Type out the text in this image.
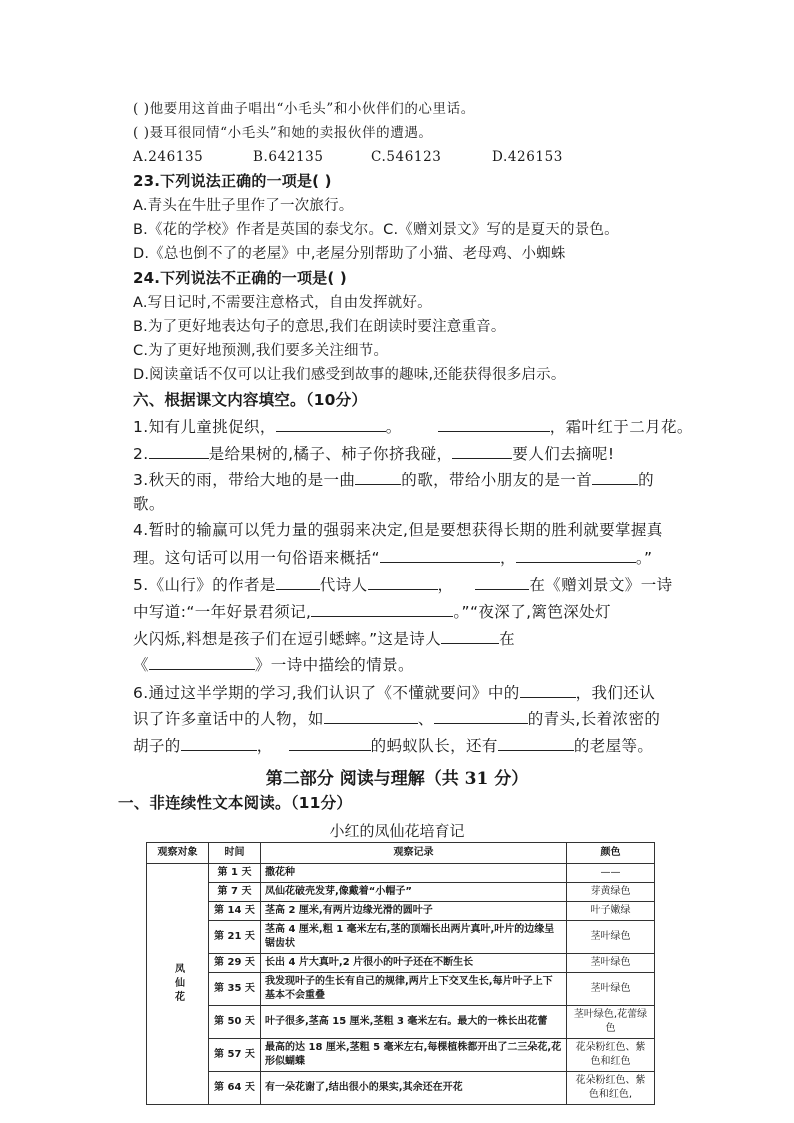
( )他要用这首曲子唱出“小毛头”和小伙伴们的心里话。
( )聂耳很同情“小毛头”和她的卖报伙伴的遭遇。
A.246135	B.642135	C.546123	D.426153
23.下列说法正确的一项是( )
A.青头在牛肚子里作了一次旅行。
B.《花的学校》作者是英国的泰戈尔。C.《赠刘景文》写的是夏天的景色。
D.《总也倒不了的老屋》中,老屋分别帮助了小猫、老母鸡、小蜘蛛
24.下列说法不正确的一项是( )
A.写日记时,不需要注意格式，自由发挥就好。
B.为了更好地表达句子的意思,我们在朗读时要注意重音。
C.为了更好地预测,我们要多关注细节。
D.阅读童话不仅可以让我们感受到故事的趣味,还能获得很多启示。
六、根据课文内容填空。（10分）
1.知有儿童挑促织，	。	，霜叶红于二月花。
2.	是给果树的,橘子、柿子你挤我碰，	要人们去摘呢!
3.秋天的雨，带给大地的是一曲	的歌，带给小朋友的是一首	的
歌。
4.暂时的输赢可以凭力量的强弱来决定,但是要想获得长期的胜利就要掌握真
理。这句话可以用一句俗语来概括“	，	。”
5.《山行》的作者是	代诗人	，	在《赠刘景文》一诗
中写道:“一年好景君须记,	。”“夜深了,篱笆深处灯
火闪烁,料想是孩子们在逗引蟋蟀。”这是诗人	在
《	》一诗中描绘的情景。
6.通过这半学期的学习,我们认识了《不懂就要问》中的	，我们还认
识了许多童话中的人物，如	、	的青头,长着浓密的
胡子的	，	的蚂蚁队长，还有	的老屋等。
第二部分 阅读与理解（共 31 分）
一、非连续性文本阅读。（11分）
小红的凤仙花培育记
观察对象	时间	观察记录	颜色
凤仙花	第 1 天	撒花种	——
	第 7 天	凤仙花破壳发芽,像戴着“小帽子”	芽黄绿色
	第 14 天	茎高 2 厘米,有两片边缘光滑的圆叶子	叶子嫩绿
	第 21 天	茎高 4 厘米,粗 1 毫米左右,茎的顶端长出两片真叶,叶片的边缘呈锯齿状	茎叶绿色
	第 29 天	长出 4 片大真叶,2 片很小的叶子还在不断生长	茎叶绿色
	第 35 天	我发现叶子的生长有自己的规律,两片上下交叉生长,每片叶子上下基本不会重叠	茎叶绿色
	第 50 天	叶子很多,茎高 15 厘米,茎粗 3 毫米左右。最大的一株长出花蕾	茎叶绿色,花蕾绿色
	第 57 天	最高的达 18 厘米,茎粗 5 毫米左右,每棵植株都开出了二三朵花,花形似蝴蝶	花朵粉红色、紫色和红色
	第 64 天	有一朵花谢了,结出很小的果实,其余还在开花	花朵粉红色、紫色和红色,
